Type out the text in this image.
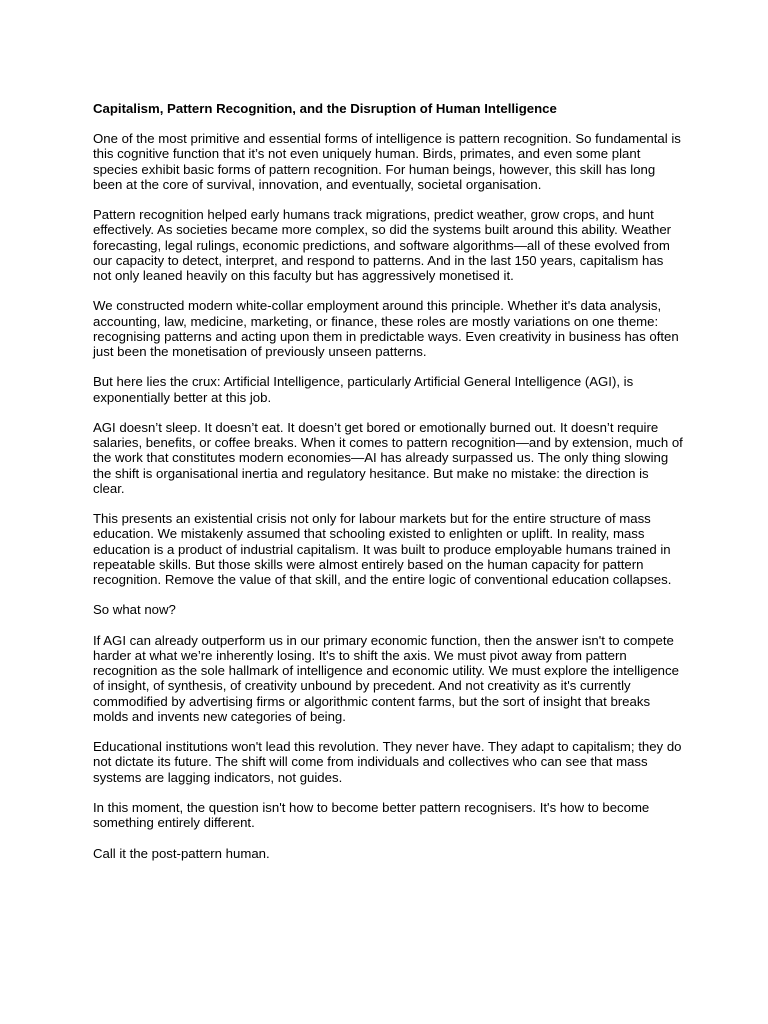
Capitalism, Pattern Recognition, and the Disruption of Human Intelligence

One of the most primitive and essential forms of intelligence is pattern recognition. So fundamental is this cognitive function that it’s not even uniquely human. Birds, primates, and even some plant species exhibit basic forms of pattern recognition. For human beings, however, this skill has long been at the core of survival, innovation, and eventually, societal organisation.

Pattern recognition helped early humans track migrations, predict weather, grow crops, and hunt effectively. As societies became more complex, so did the systems built around this ability. Weather forecasting, legal rulings, economic predictions, and software algorithms—all of these evolved from our capacity to detect, interpret, and respond to patterns. And in the last 150 years, capitalism has not only leaned heavily on this faculty but has aggressively monetised it.

We constructed modern white-collar employment around this principle. Whether it's data analysis, accounting, law, medicine, marketing, or finance, these roles are mostly variations on one theme: recognising patterns and acting upon them in predictable ways. Even creativity in business has often just been the monetisation of previously unseen patterns.

But here lies the crux: Artificial Intelligence, particularly Artificial General Intelligence (AGI), is exponentially better at this job.

AGI doesn’t sleep. It doesn’t eat. It doesn’t get bored or emotionally burned out. It doesn’t require salaries, benefits, or coffee breaks. When it comes to pattern recognition—and by extension, much of the work that constitutes modern economies—AI has already surpassed us. The only thing slowing the shift is organisational inertia and regulatory hesitance. But make no mistake: the direction is clear.

This presents an existential crisis not only for labour markets but for the entire structure of mass education. We mistakenly assumed that schooling existed to enlighten or uplift. In reality, mass education is a product of industrial capitalism. It was built to produce employable humans trained in repeatable skills. But those skills were almost entirely based on the human capacity for pattern recognition. Remove the value of that skill, and the entire logic of conventional education collapses.

So what now?

If AGI can already outperform us in our primary economic function, then the answer isn't to compete harder at what we’re inherently losing. It's to shift the axis. We must pivot away from pattern recognition as the sole hallmark of intelligence and economic utility. We must explore the intelligence of insight, of synthesis, of creativity unbound by precedent. And not creativity as it's currently commodified by advertising firms or algorithmic content farms, but the sort of insight that breaks molds and invents new categories of being.

Educational institutions won't lead this revolution. They never have. They adapt to capitalism; they do not dictate its future. The shift will come from individuals and collectives who can see that mass systems are lagging indicators, not guides.

In this moment, the question isn't how to become better pattern recognisers. It's how to become something entirely different.

Call it the post-pattern human.
